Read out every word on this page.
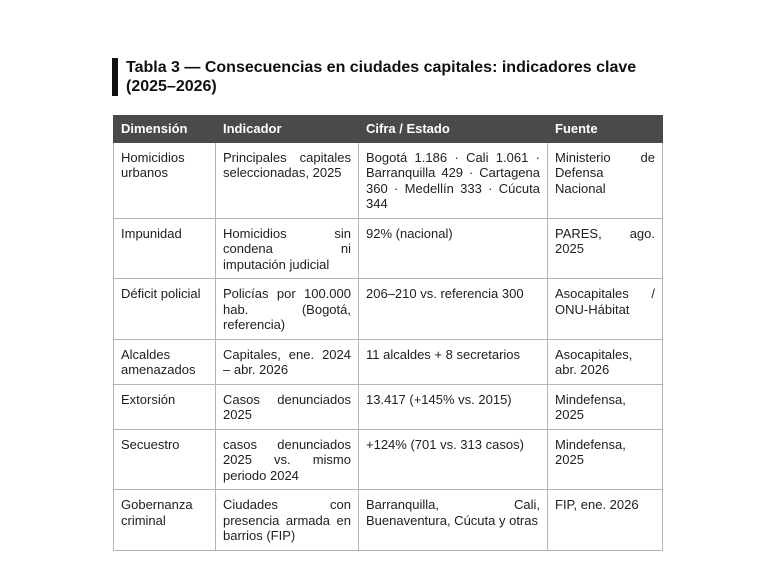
Tabla 3 — Consecuencias en ciudades capitales: indicadores clave (2025–2026)
Dimensión	Indicador	Cifra / Estado	Fuente
Homicidios urbanos	Principales capitales seleccionadas, 2025	Bogotá 1.186 · Cali 1.061 · Barranquilla 429 · Cartagena 360 · Medellín 333 · Cúcuta 344	Ministerio de Defensa Nacional
Impunidad	Homicidios sin condena ni imputación judicial	92% (nacional)	PARES, ago. 2025
Déficit policial	Policías por 100.000 hab. (Bogotá, referencia)	206–210 vs. referencia 300	Asocapitales / ONU-Hábitat
Alcaldes amenazados	Capitales, ene. 2024 – abr. 2026	11 alcaldes + 8 secretarios	Asocapitales, abr. 2026
Extorsión	Casos denunciados 2025	13.417 (+145% vs. 2015)	Mindefensa, 2025
Secuestro	casos denunciados 2025 vs. mismo periodo 2024	+124% (701 vs. 313 casos)	Mindefensa, 2025
Gobernanza criminal	Ciudades con presencia armada en barrios (FIP)	Barranquilla, Cali, Buenaventura, Cúcuta y otras	FIP, ene. 2026
